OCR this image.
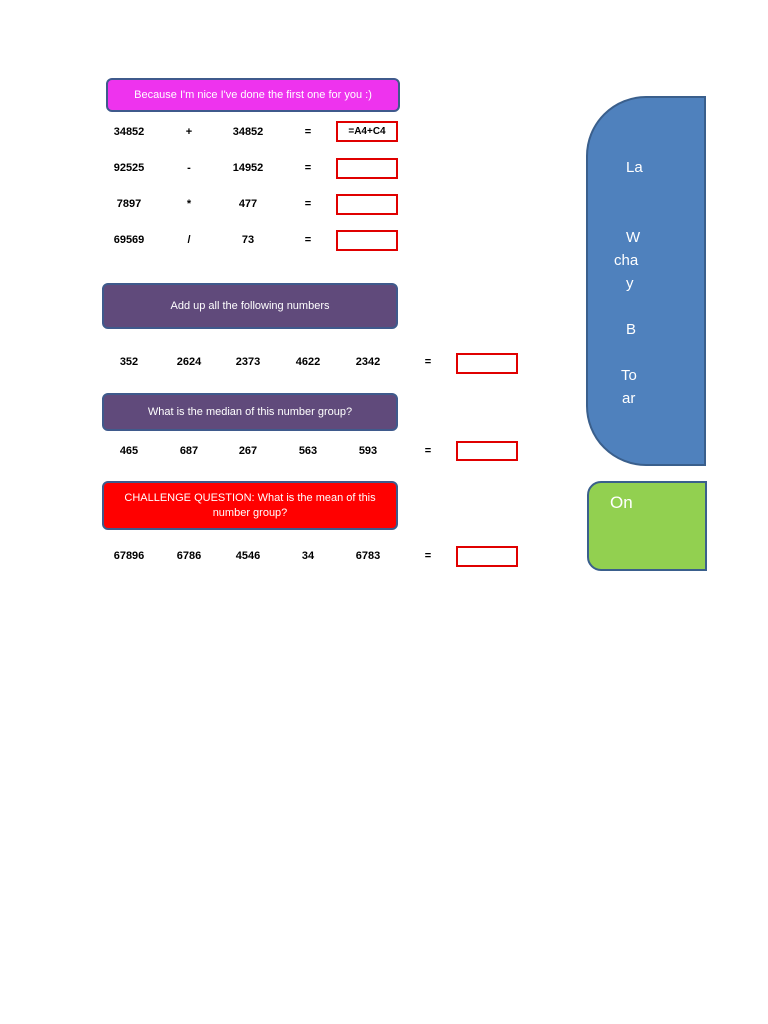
Because I'm nice I've done the first one for you :)
34852	+	34852	=	=A4+C4
92525	-	14952	=
7897	*	477	=
69569	/	73	=
Add up all the following numbers
352	2624	2373	4622	2342	=
What is the median of this number group?
465	687	267	563	593	=
CHALLENGE QUESTION: What is the mean of this number group?
67896	6786	4546	34	6783	=
La
W
cha
y
B
To
ar
On
